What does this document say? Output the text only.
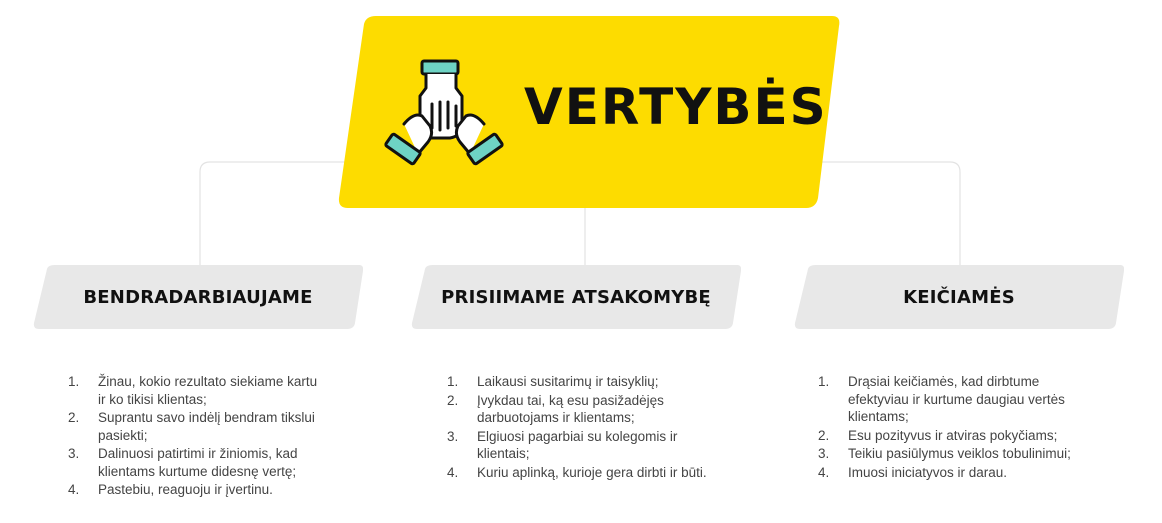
VERTYBĖS
BENDRADARBIAUJAME	PRISIIMAME ATSAKOMYBĘ	KEIČIAMĖS
1.	Žinau, kokio rezultato siekiame kartu ir ko tikisi klientas;
2.	Suprantu savo indėlį bendram tikslui pasiekti;
3.	Dalinuosi patirtimi ir žiniomis, kad klientams kurtume didesnę vertę;
4.	Pastebiu, reaguoju ir įvertinu.
1.	Laikausi susitarimų ir taisyklių;
2.	Įvykdau tai, ką esu pasižadėjęs darbuotojams ir klientams;
3.	Elgiuosi pagarbiai su kolegomis ir klientais;
4.	Kuriu aplinką, kurioje gera dirbti ir būti.
1.	Drąsiai keičiamės, kad dirbtume efektyviau ir kurtume daugiau vertės klientams;
2.	Esu pozityvus ir atviras pokyčiams;
3.	Teikiu pasiūlymus veiklos tobulinimui;
4.	Imuosi iniciatyvos ir darau.
